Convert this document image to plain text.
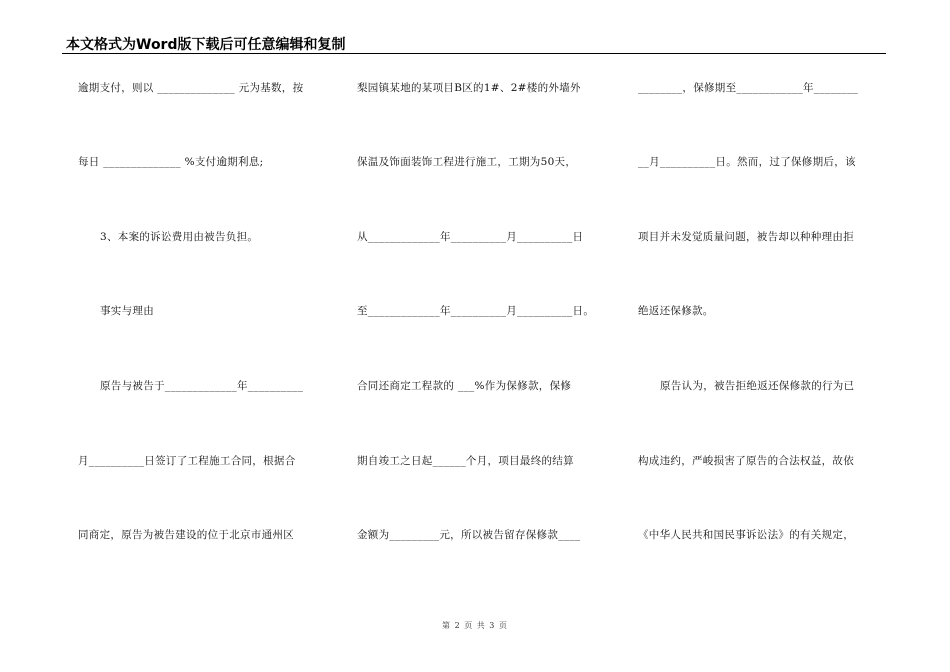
本文格式为Word版下载后可任意编辑和复制
逾期支付，则以 ______________ 元为基数，按
每日 ______________ %支付逾期利息;
3、本案的诉讼费用由被告负担。
事实与理由
原告与被告于_____________年__________
月__________日签订了工程施工合同，根据合
同商定，原告为被告建设的位于北京市通州区
梨园镇某地的某项目B区的1#、2#楼的外墙外
保温及饰面装饰工程进行施工，工期为50天，
从_____________年__________月__________日
至_____________年__________月__________日。
合同还商定工程款的 ___%作为保修款，保修
期自竣工之日起______个月，项目最终的结算
金额为_________元，所以被告留存保修款____
________，保修期至____________年________
__月__________日。然而，过了保修期后，该
项目并未发觉质量问题，被告却以种种理由拒
绝返还保修款。
原告认为，被告拒绝返还保修款的行为已
构成违约，严峻损害了原告的合法权益，故依
《中华人民共和国民事诉讼法》的有关规定，
第 2 页 共 3 页
